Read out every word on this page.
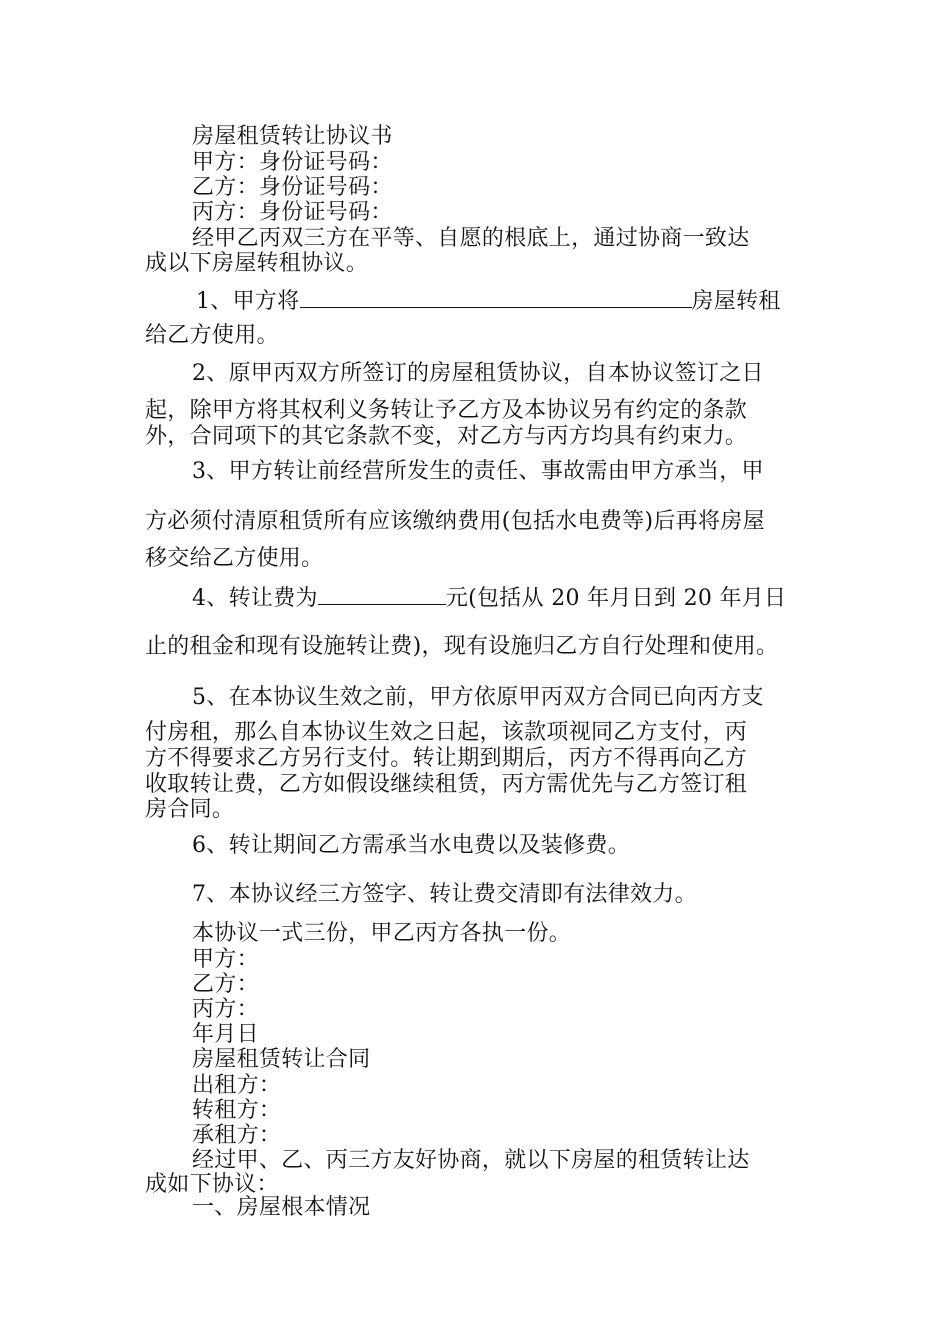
房屋租赁转让协议书
甲方：身份证号码：
乙方：身份证号码：
丙方：身份证号码：
经甲乙丙双三方在平等、自愿的根底上，通过协商一致达
成以下房屋转租协议。
1、甲方将	房屋转租
给乙方使用。
2、原甲丙双方所签订的房屋租赁协议，自本协议签订之日
起，除甲方将其权利义务转让予乙方及本协议另有约定的条款
外，合同项下的其它条款不变，对乙方与丙方均具有约束力。
3、甲方转让前经营所发生的责任、事故需由甲方承当，甲
方必须付清原租赁所有应该缴纳费用(包括水电费等)后再将房屋
移交给乙方使用。
4、转让费为	元(包括从 20 年月日到 20 年月日
止的租金和现有设施转让费)，现有设施归乙方自行处理和使用。
5、在本协议生效之前，甲方依原甲丙双方合同已向丙方支
付房租，那么自本协议生效之日起，该款项视同乙方支付，丙
方不得要求乙方另行支付。转让期到期后，丙方不得再向乙方
收取转让费，乙方如假设继续租赁，丙方需优先与乙方签订租
房合同。
6、转让期间乙方需承当水电费以及装修费。
7、本协议经三方签字、转让费交清即有法律效力。
本协议一式三份，甲乙丙方各执一份。
甲方：
乙方：
丙方：
年月日
房屋租赁转让合同
出租方：
转租方：
承租方：
经过甲、乙、丙三方友好协商，就以下房屋的租赁转让达
成如下协议：
一、房屋根本情况
